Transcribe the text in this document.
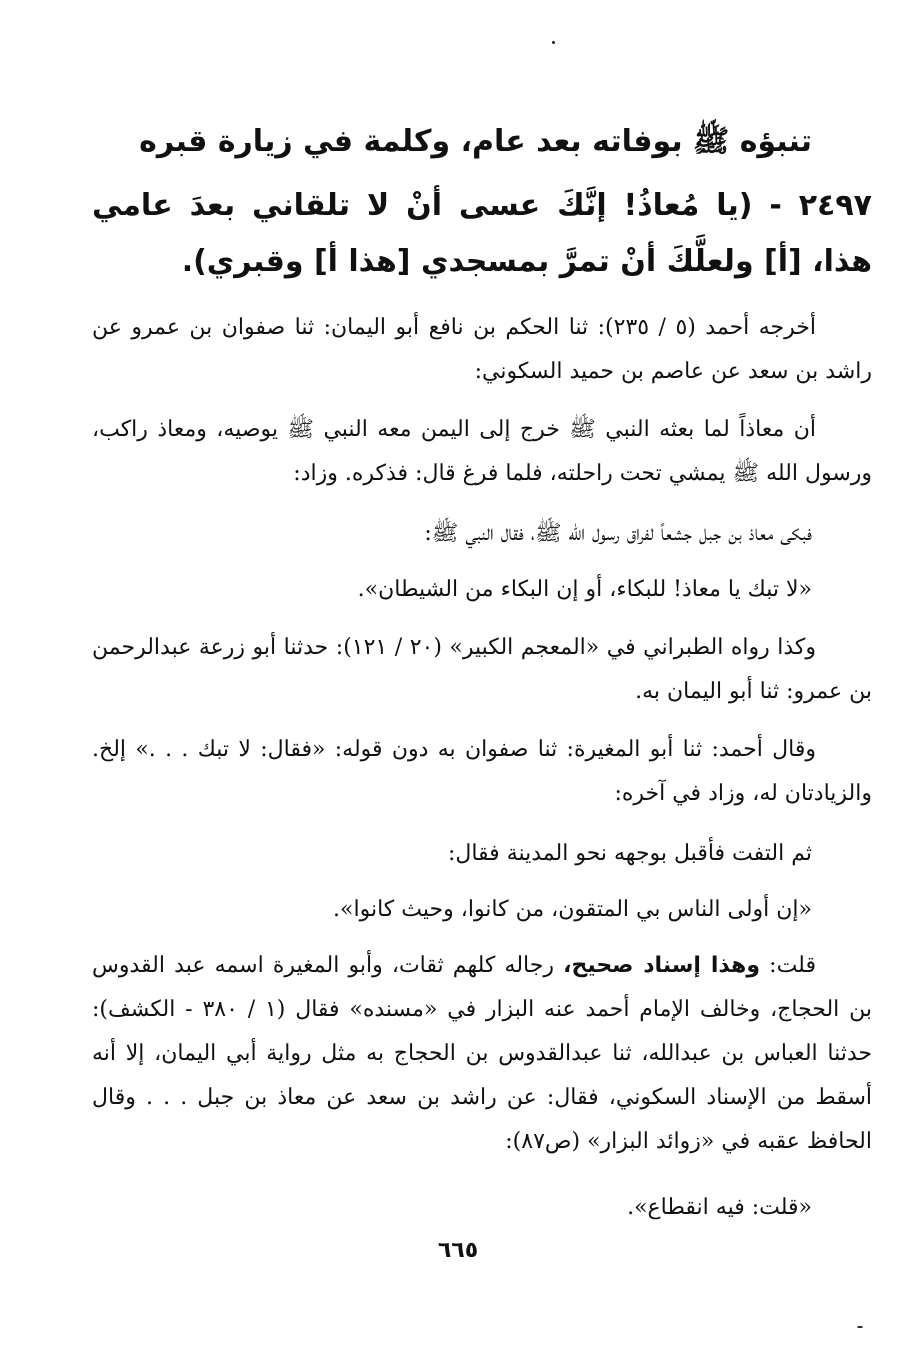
تنبؤه ﷺ بوفاته بعد عام، وكلمة في زيارة قبره
٢٤٩٧ - (يا مُعاذُ! إنَّكَ عسى أنْ لا تلقاني بعدَ عامي هذا، [أ] ولعلَّكَ أنْ تمرَّ بمسجدي [هذا أ] وقبري).
أخرجه أحمد (٥ / ٢٣٥): ثنا الحكم بن نافع أبو اليمان: ثنا صفوان بن عمرو عن راشد بن سعد عن عاصم بن حميد السكوني:
أن معاذاً لما بعثه النبي ﷺ خرج إلى اليمن معه النبي ﷺ يوصيه، ومعاذ راكب، ورسول الله ﷺ يمشي تحت راحلته، فلما فرغ قال: فذكره. وزاد:
فبكى معاذ بن جبل جشعاً لفراق رسول الله ﷺ، فقال النبي ﷺ:
«لا تبك يا معاذ! للبكاء، أو إن البكاء من الشيطان».
وكذا رواه الطبراني في «المعجم الكبير» (٢٠ / ١٢١): حدثنا أبو زرعة عبدالرحمن بن عمرو: ثنا أبو اليمان به.
وقال أحمد: ثنا أبو المغيرة: ثنا صفوان به دون قوله: «فقال: لا تبك . . .» إلخ. والزيادتان له، وزاد في آخره:
ثم التفت فأقبل بوجهه نحو المدينة فقال:
«إن أولى الناس بي المتقون، من كانوا، وحيث كانوا».
قلت: وهذا إسناد صحيح، رجاله كلهم ثقات، وأبو المغيرة اسمه عبد القدوس بن الحجاج، وخالف الإمام أحمد عنه البزار في «مسنده» فقال (١ / ٣٨٠ - الكشف): حدثنا العباس بن عبدالله، ثنا عبدالقدوس بن الحجاج به مثل رواية أبي اليمان، إلا أنه أسقط من الإسناد السكوني، فقال: عن راشد بن سعد عن معاذ بن جبل . . . وقال الحافظ عقبه في «زوائد البزار» (ص٨٧):
«قلت: فيه انقطاع».
٦٦٥
